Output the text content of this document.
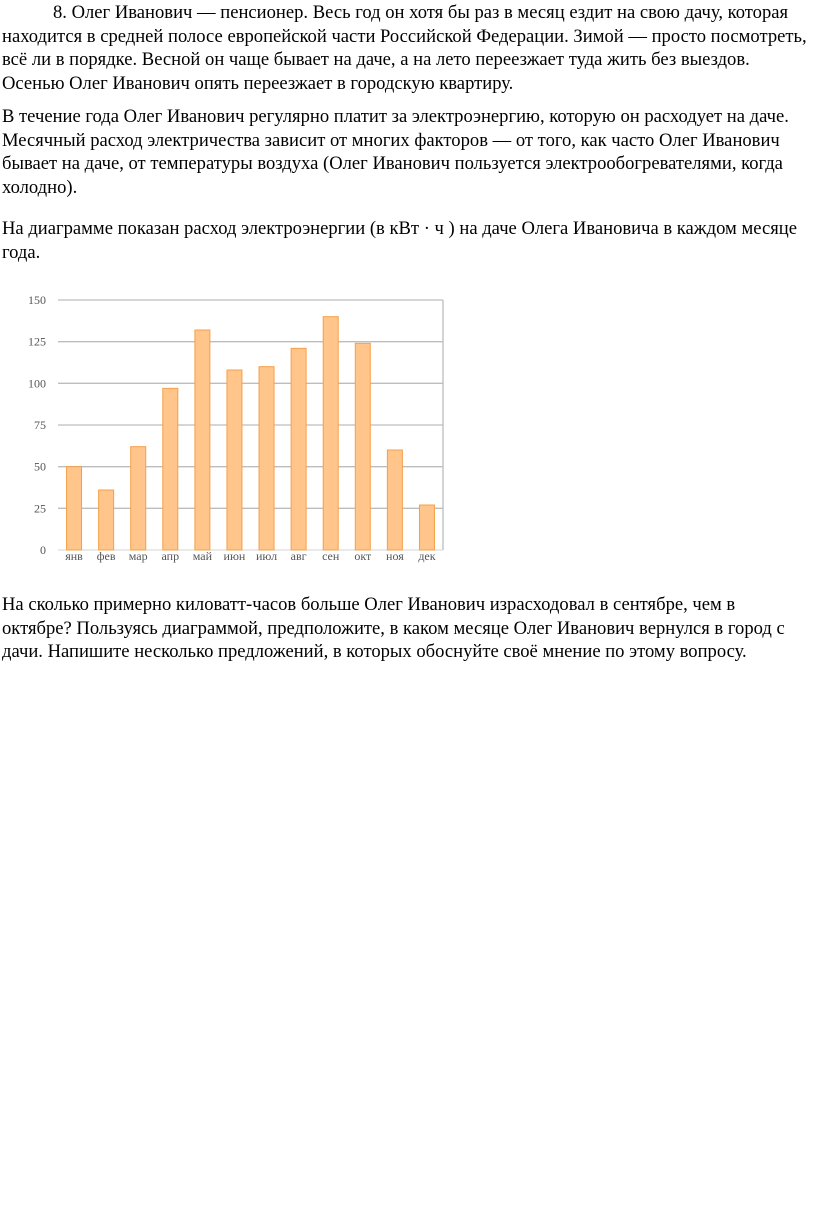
8. Олег Иванович — пенсионер. Весь год он хотя бы раз в месяц ездит на свою дачу, которая находится в средней полосе европейской части Российской Федерации. Зимой — просто посмотреть, всё ли в порядке. Весной он чаще бывает на даче, а на лето переезжает туда жить без выездов. Осенью Олег Иванович опять переезжает в городскую квартиру.

В течение года Олег Иванович регулярно платит за электроэнергию, которую он расходует на даче. Месячный расход электричества зависит от многих факторов — от того, как часто Олег Иванович бывает на даче, от температуры воздуха (Олег Иванович пользуется электрообогревателями, когда холодно).

На диаграмме показан расход электроэнергии (в кВт · ч ) на даче Олега Ивановича в каждом месяце года.

0
25
50
75
100
125
150
янв фев мар апр май июн июл авг сен окт ноя дек

На сколько примерно киловатт-часов больше Олег Иванович израсходовал в сентябре, чем в октябре? Пользуясь диаграммой, предположите, в каком месяце Олег Иванович вернулся в город с дачи. Напишите несколько предложений, в которых обоснуйте своё мнение по этому вопросу.
